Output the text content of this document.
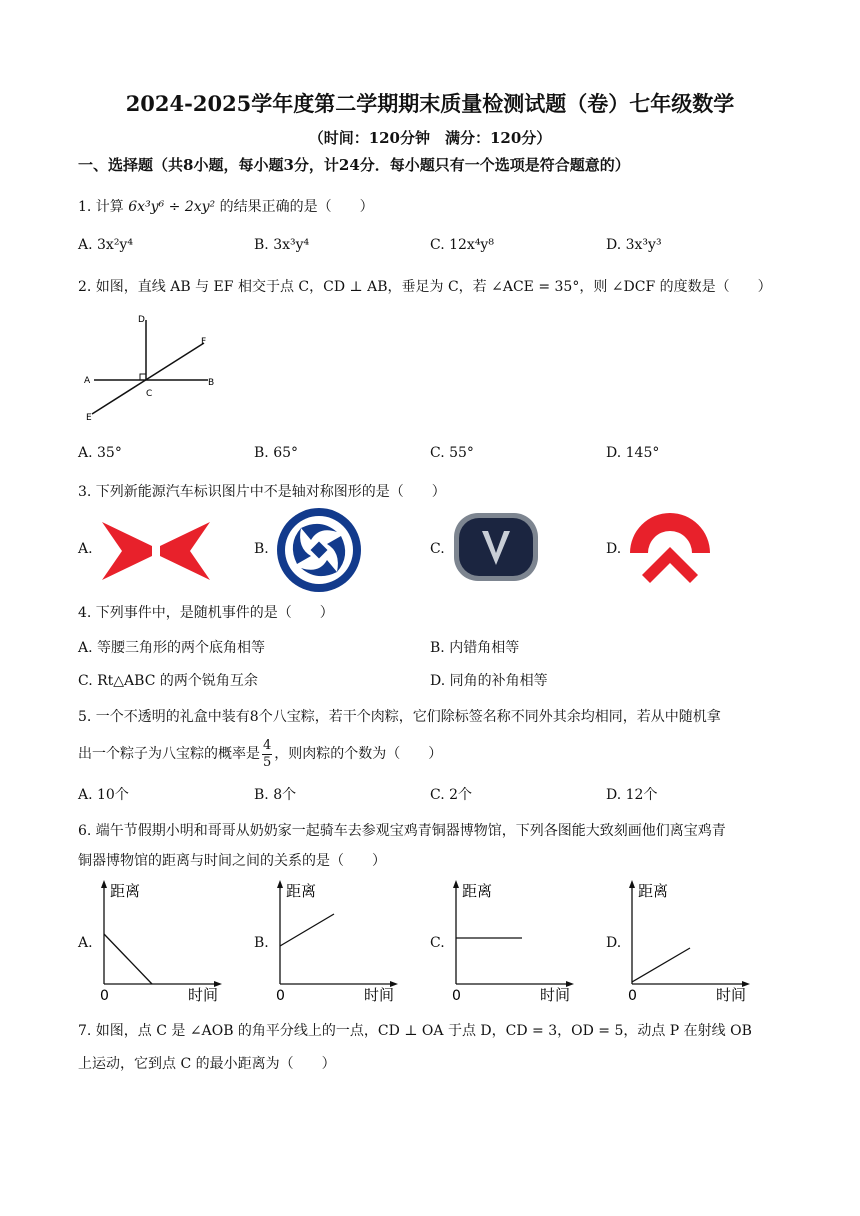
2024-2025学年度第二学期期末质量检测试题（卷）七年级数学
（时间：120分钟　满分：120分）
一、选择题（共8小题，每小题3分，计24分．每小题只有一个选项是符合题意的）
1. 计算 6x³y⁶ ÷ 2xy² 的结果正确的是（　　）
A. 3x²y⁴	B. 3x³y⁴	C. 12x⁴y⁸	D. 3x³y³
2. 如图，直线 AB 与 EF 相交于点 C，CD ⊥ AB，垂足为 C，若 ∠ACE = 35°，则 ∠DCF 的度数是（　　）
D
F
A
C
B
E
A. 35°	B. 65°	C. 55°	D. 145°
3. 下列新能源汽车标识图片中不是轴对称图形的是（　　）
A.	B.	C.	D.
4. 下列事件中，是随机事件的是（　　）
A. 等腰三角形的两个底角相等	B. 内错角相等
C. Rt△ABC 的两个锐角互余	D. 同角的补角相等
5. 一个不透明的礼盒中装有8个八宝粽，若干个肉粽，它们除标签名称不同外其余均相同，若从中随机拿
出一个粽子为八宝粽的概率是 $\frac{4}{5}$ ，则肉粽的个数为（　　）
A. 10个	B. 8个	C. 2个	D. 12个
6. 端午节假期小明和哥哥从奶奶家一起骑车去参观宝鸡青铜器博物馆，下列各图能大致刻画他们离宝鸡青
铜器博物馆的距离与时间之间的关系的是（　　）
A.
距离
时间
0
B.
距离
时间
0
C.
距离
时间
0
D.
距离
时间
0
7. 如图，点 C 是 ∠AOB 的角平分线上的一点，CD ⊥ OA 于点 D，CD = 3，OD = 5，动点 P 在射线 OB
上运动，它到点 C 的最小距离为（　　）
